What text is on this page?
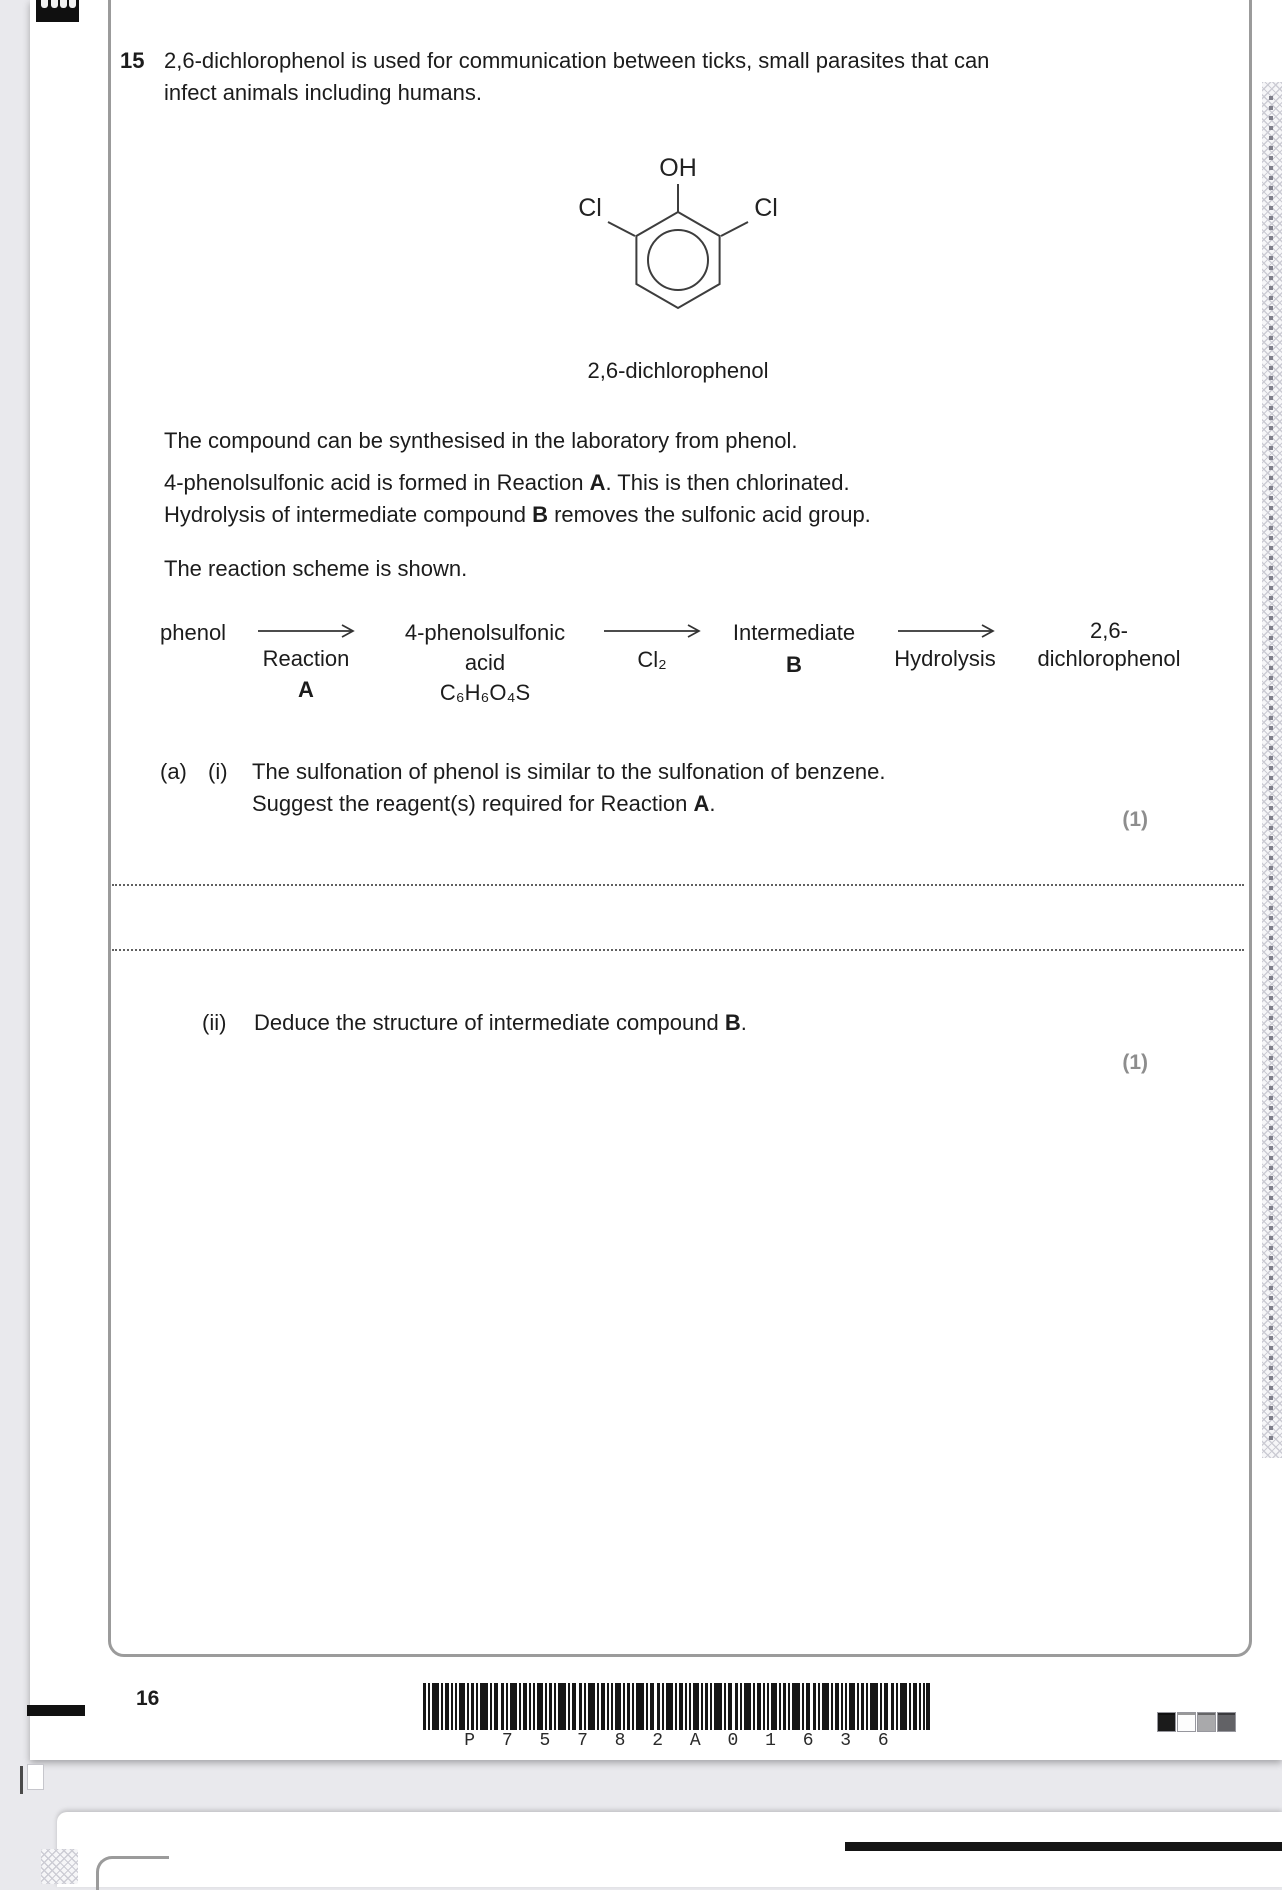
15 2,6-dichlorophenol is used for communication between ticks, small parasites that can
infect animals including humans.
OH
Cl	Cl
2,6-dichlorophenol
The compound can be synthesised in the laboratory from phenol.
4-phenolsulfonic acid is formed in Reaction A. This is then chlorinated.
Hydrolysis of intermediate compound B removes the sulfonic acid group.
The reaction scheme is shown.
phenol
Reaction
A
4-phenolsulfonic
acid
C₆H₆O₄S
Cl₂
Intermediate
B	Hydrolysis
2,6-
dichlorophenol
(a) (i) The sulfonation of phenol is similar to the sulfonation of benzene.
Suggest the reagent(s) required for Reaction A.
(1)
(ii) Deduce the structure of intermediate compound B.
(1)
16
P 7 5 7 8 2 A 0 1 6 3 6
